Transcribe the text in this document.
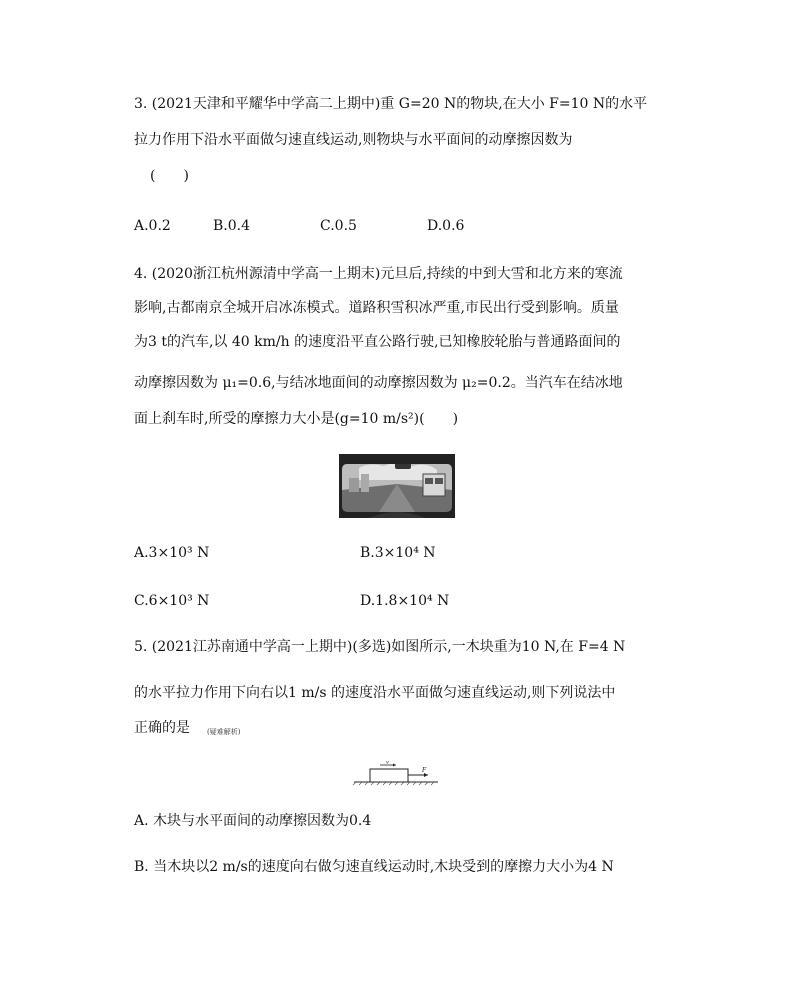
3. (2021天津和平耀华中学高二上期中)重 G=20 N的物块,在大小 F=10 N的水平
拉力作用下沿水平面做匀速直线运动,则物块与水平面间的动摩擦因数为
(　　)
A.0.2	B.0.4	C.0.5	D.0.6
4. (2020浙江杭州源清中学高一上期末)元旦后,持续的中到大雪和北方来的寒流
影响,古都南京全城开启冰冻模式。道路积雪积冰严重,市民出行受到影响。质量
为3 t的汽车,以 40 km/h 的速度沿平直公路行驶,已知橡胶轮胎与普通路面间的
动摩擦因数为 μ₁=0.6,与结冰地面间的动摩擦因数为 μ₂=0.2。当汽车在结冰地
面上刹车时,所受的摩擦力大小是(g=10 m/s²)(　　)
A.3×10³ N	B.3×10⁴ N
C.6×10³ N	D.1.8×10⁴ N
5. (2021江苏南通中学高一上期中)(多选)如图所示,一木块重为10 N,在 F=4 N
的水平拉力作用下向右以1 m/s 的速度沿水平面做匀速直线运动,则下列说法中
正确的是 (疑难解析)
v
F
A. 木块与水平面间的动摩擦因数为0.4
B. 当木块以2 m/s的速度向右做匀速直线运动时,木块受到的摩擦力大小为4 N
